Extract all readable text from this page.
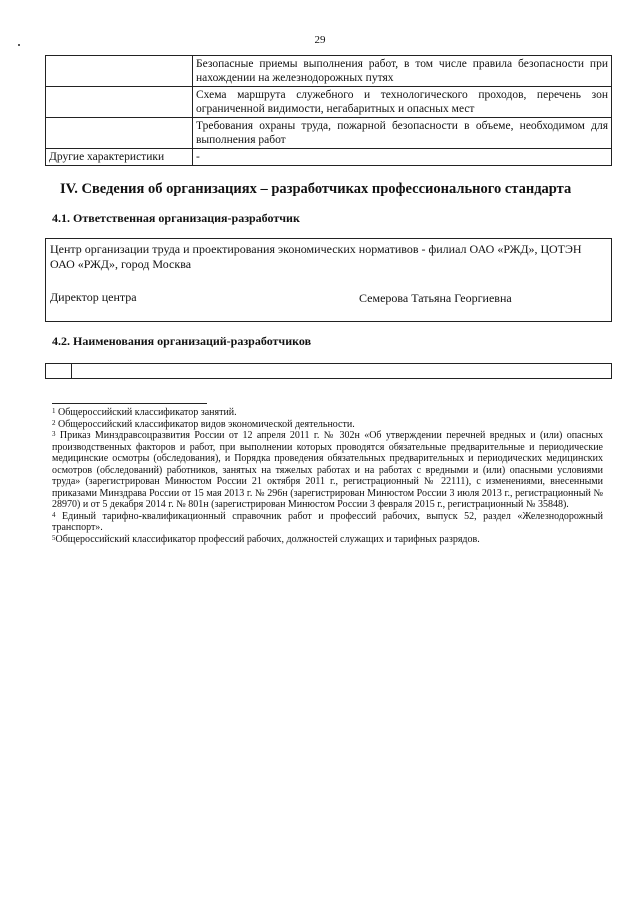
29
	Безопасные приемы выполнения работ, в том числе правила безопасности при нахождении на железнодорожных путях
	Схема маршрута служебного и технологического проходов, перечень зон ограниченной видимости, негабаритных и опасных мест
	Требования охраны труда, пожарной безопасности в объеме, необходимом для выполнения работ
Другие характеристики	-
IV. Сведения об организациях – разработчиках профессионального стандарта
4.1. Ответственная организация-разработчик
Центр организации труда и проектирования экономических нормативов - филиал ОАО «РЖД», ЦОТЭН ОАО «РЖД», город Москва
Директор центра	Семерова Татьяна Георгиевна
4.2. Наименования организаций-разработчиков

$^1$ Общероссийский классификатор занятий.

$^2$ Общероссийский классификатор видов экономической деятельности.

$^3$ Приказ Минздравсоцразвития России от 12 апреля 2011 г. № 302н «Об утверждении перечней вредных и (или) опасных производственных факторов и работ, при выполнении которых проводятся обязательные предварительные и периодические медицинские осмотры (обследования), и Порядка проведения обязательных предварительных и периодических медицинских осмотров (обследований) работников, занятых на тяжелых работах и на работах с вредными и (или) опасными условиями труда» (зарегистрирован Минюстом России 21 октября 2011 г., регистрационный № 22111), с изменениями, внесенными приказами Минздрава России от 15 мая 2013 г. № 296н (зарегистрирован Минюстом России 3 июля 2013 г., регистрационный № 28970) и от 5 декабря 2014 г. № 801н (зарегистрирован Минюстом России 3 февраля 2015 г., регистрационный № 35848).

$^4$ Единый тарифно-квалификационный справочник работ и профессий рабочих, выпуск 52, раздел «Железнодорожный транспорт».

$^5$Общероссийский классификатор профессий рабочих, должностей служащих и тарифных разрядов.
